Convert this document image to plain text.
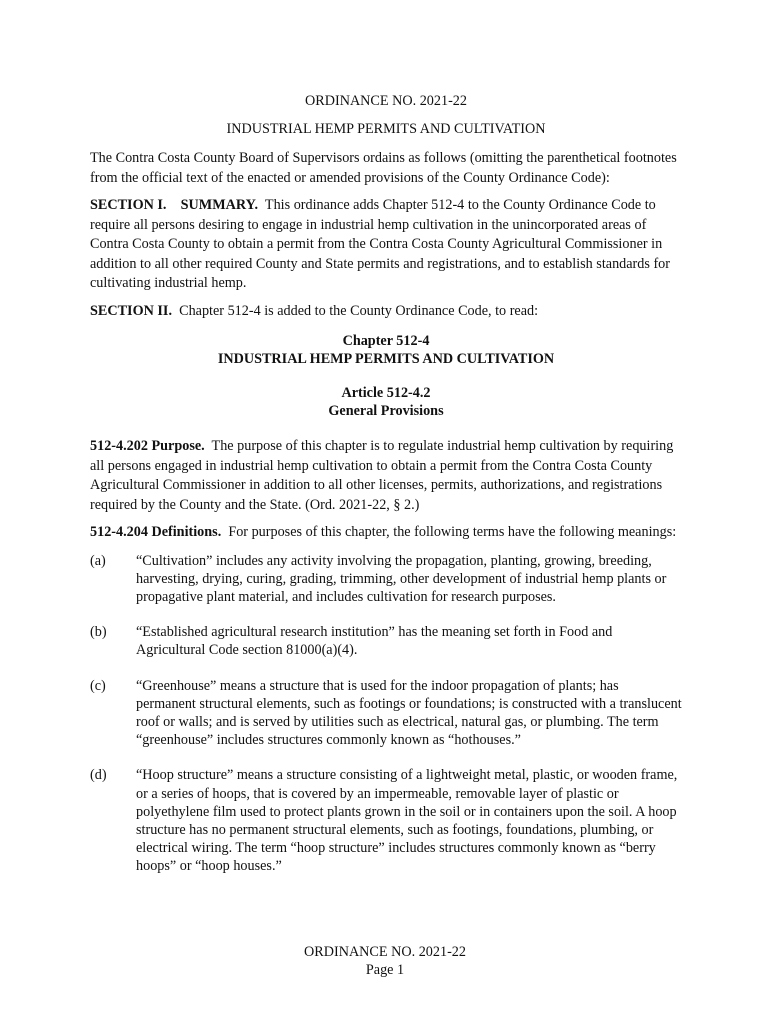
ORDINANCE NO. 2021-22
INDUSTRIAL HEMP PERMITS AND CULTIVATION

The Contra Costa County Board of Supervisors ordains as follows (omitting the parenthetical footnotes from the official text of the enacted or amended provisions of the County Ordinance Code):

SECTION I. SUMMARY. This ordinance adds Chapter 512-4 to the County Ordinance Code to require all persons desiring to engage in industrial hemp cultivation in the unincorporated areas of Contra Costa County to obtain a permit from the Contra Costa County Agricultural Commissioner in addition to all other required County and State permits and registrations, and to establish standards for cultivating industrial hemp.

SECTION II. Chapter 512-4 is added to the County Ordinance Code, to read:

Chapter 512-4
INDUSTRIAL HEMP PERMITS AND CULTIVATION
Article 512-4.2
General Provisions

512-4.202 Purpose. The purpose of this chapter is to regulate industrial hemp cultivation by requiring all persons engaged in industrial hemp cultivation to obtain a permit from the Contra Costa County Agricultural Commissioner in addition to all other licenses, permits, authorizations, and registrations required by the County and the State. (Ord. 2021-22, § 2.)

512-4.204 Definitions. For purposes of this chapter, the following terms have the following meanings:

(a)	“Cultivation” includes any activity involving the propagation, planting, growing, breeding, harvesting, drying, curing, grading, trimming, other development of industrial hemp plants or propagative plant material, and includes cultivation for research purposes.
(b)	“Established agricultural research institution” has the meaning set forth in Food and Agricultural Code section 81000(a)(4).
(c)	“Greenhouse” means a structure that is used for the indoor propagation of plants; has permanent structural elements, such as footings or foundations; is constructed with a translucent roof or walls; and is served by utilities such as electrical, natural gas, or plumbing. The term “greenhouse” includes structures commonly known as “hothouses.”
(d)	“Hoop structure” means a structure consisting of a lightweight metal, plastic, or wooden frame, or a series of hoops, that is covered by an impermeable, removable layer of plastic or polyethylene film used to protect plants grown in the soil or in containers upon the soil. A hoop structure has no permanent structural elements, such as footings, foundations, plumbing, or electrical wiring. The term “hoop structure” includes structures commonly known as “berry hoops” or “hoop houses.”
ORDINANCE NO. 2021-22
Page 1
